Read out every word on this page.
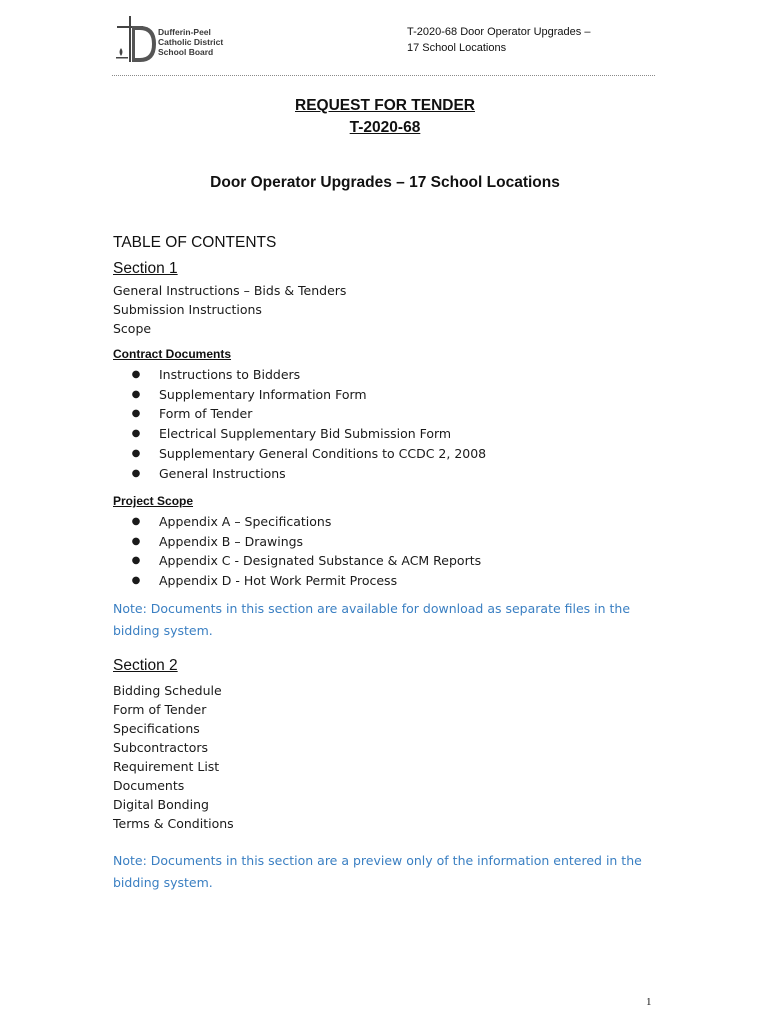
Dufferin-Peel
Catholic District
School Board
T-2020-68 Door Operator Upgrades –
17 School Locations
REQUEST FOR TENDER
T-2020-68
Door Operator Upgrades – 17 School Locations
TABLE OF CONTENTS
Section 1
General Instructions – Bids & Tenders
Submission Instructions
Scope
Contract Documents
● Instructions to Bidders
● Supplementary Information Form
● Form of Tender
● Electrical Supplementary Bid Submission Form
● Supplementary General Conditions to CCDC 2, 2008
● General Instructions
Project Scope
● Appendix A – Specifications
● Appendix B – Drawings
● Appendix C - Designated Substance & ACM Reports
● Appendix D - Hot Work Permit Process
Note: Documents in this section are available for download as separate files in the bidding system.
Section 2
Bidding Schedule
Form of Tender
Specifications
Subcontractors
Requirement List
Documents
Digital Bonding
Terms & Conditions
Note: Documents in this section are a preview only of the information entered in the bidding system.
1
